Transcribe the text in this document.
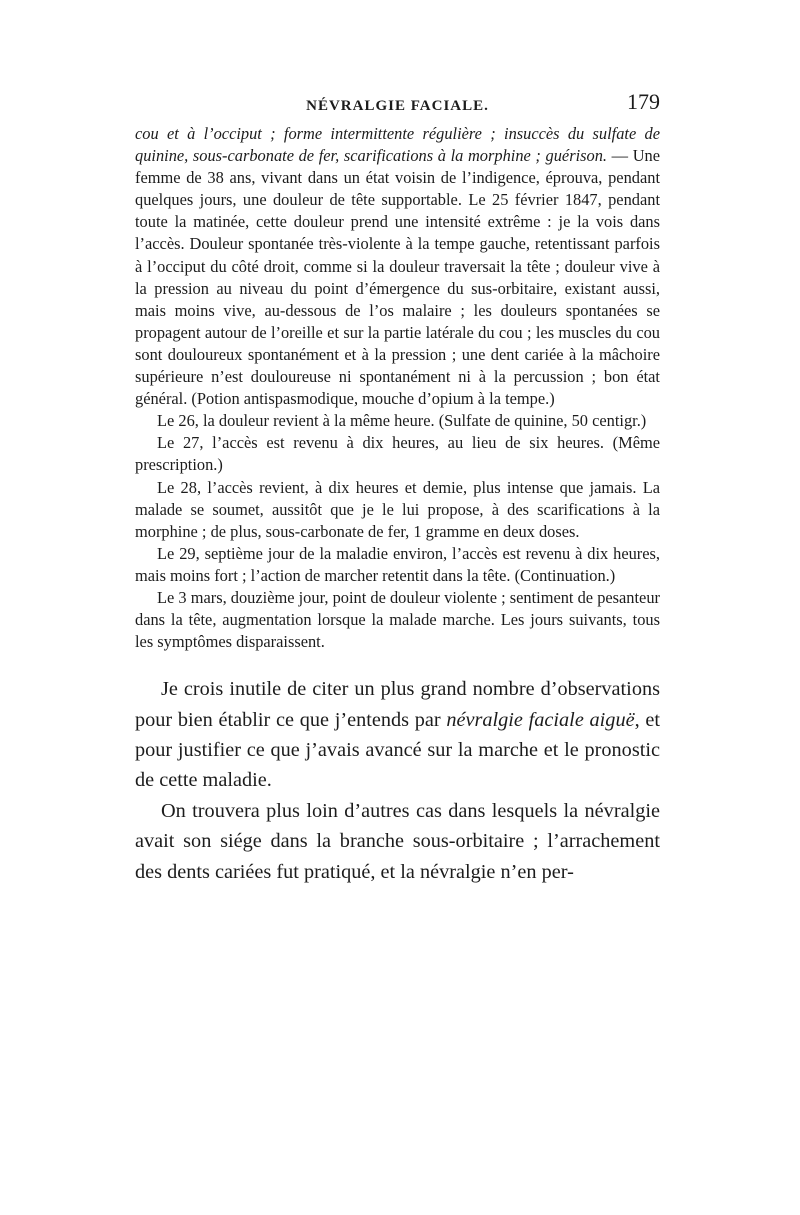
NÉVRALGIE FACIALE.	179

cou et à l’occiput ; forme intermittente régulière ; insuccès du sulfate de quinine, sous-carbonate de fer, scarifications à la morphine ; guérison. — Une femme de 38 ans, vivant dans un état voisin de l’indigence, éprouva, pendant quelques jours, une douleur de tête supportable. Le 25 février 1847, pendant toute la matinée, cette douleur prend une intensité extrême : je la vois dans l’accès. Douleur spontanée très-violente à la tempe gauche, retentissant parfois à l’occiput du côté droit, comme si la douleur traversait la tête ; douleur vive à la pression au niveau du point d’émergence du sus-orbitaire, existant aussi, mais moins vive, au-dessous de l’os malaire ; les douleurs spontanées se propagent autour de l’oreille et sur la partie latérale du cou ; les muscles du cou sont douloureux spontanément et à la pression ; une dent cariée à la mâchoire supérieure n’est douloureuse ni spontanément ni à la percussion ; bon état général. (Potion antispasmodique, mouche d’opium à la tempe.)

Le 26, la douleur revient à la même heure. (Sulfate de quinine, 50 centigr.)

Le 27, l’accès est revenu à dix heures, au lieu de six heures. (Même prescription.)

Le 28, l’accès revient, à dix heures et demie, plus intense que jamais. La malade se soumet, aussitôt que je le lui propose, à des scarifications à la morphine ; de plus, sous-carbonate de fer, 1 gramme en deux doses.

Le 29, septième jour de la maladie environ, l’accès est revenu à dix heures, mais moins fort ; l’action de marcher retentit dans la tête. (Continuation.)

Le 3 mars, douzième jour, point de douleur violente ; sentiment de pesanteur dans la tête, augmentation lorsque la malade marche. Les jours suivants, tous les symptômes disparaissent.

Je crois inutile de citer un plus grand nombre d’observations pour bien établir ce que j’entends par névralgie faciale aiguë, et pour justifier ce que j’avais avancé sur la marche et le pronostic de cette maladie.

On trouvera plus loin d’autres cas dans lesquels la névralgie avait son siége dans la branche sous-orbitaire ; l’arrachement des dents cariées fut pratiqué, et la névralgie n’en per-
